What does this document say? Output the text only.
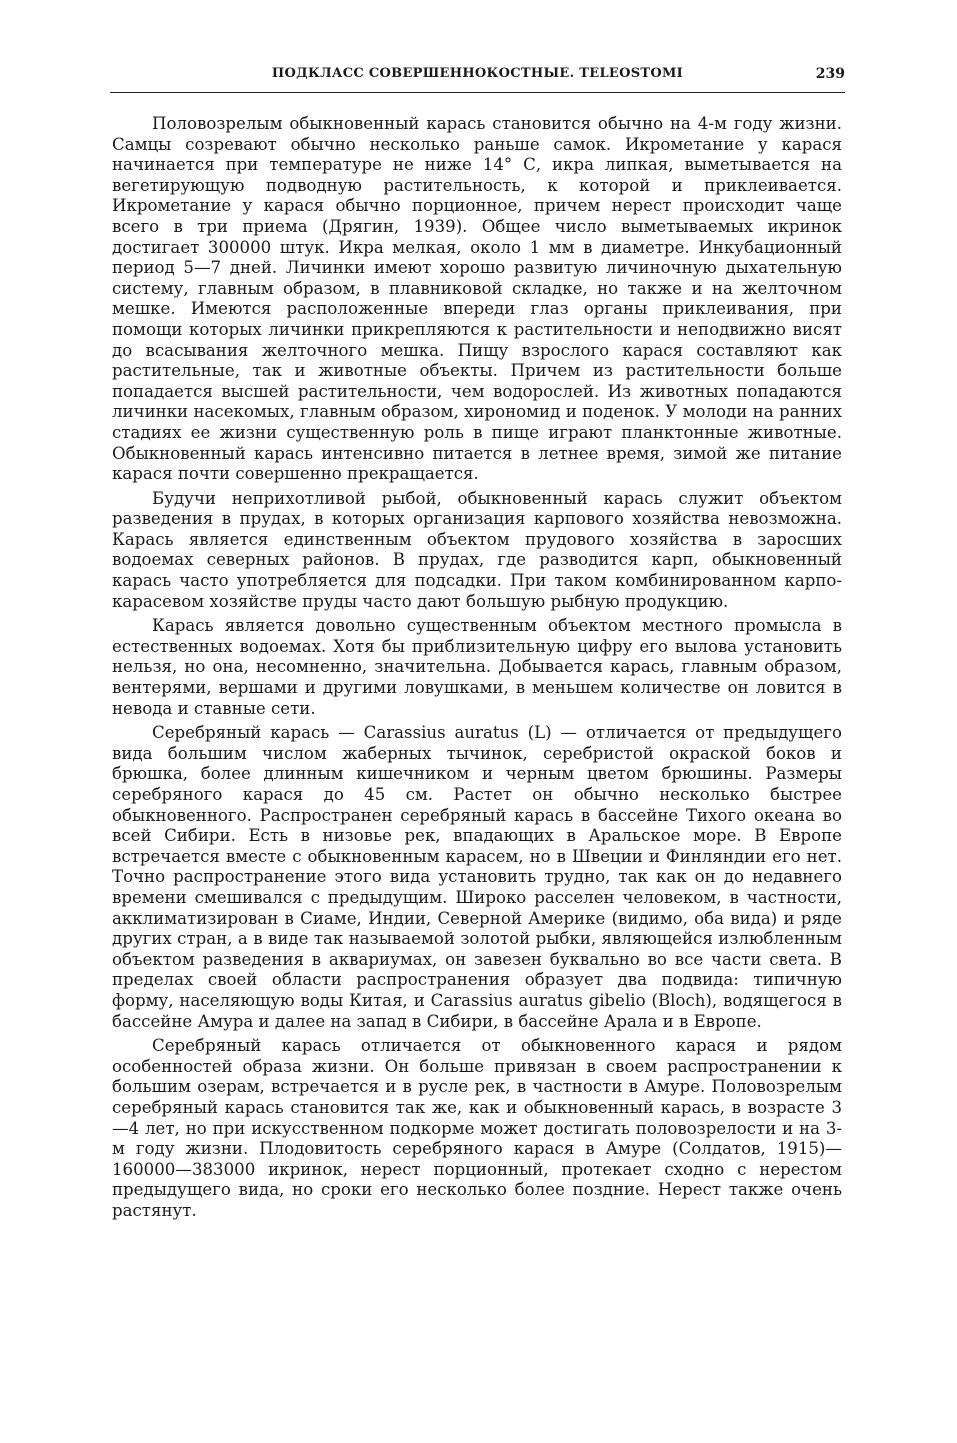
ПОДКЛАСС СОВЕРШЕННОКОСТНЫЕ. TELEOSTOMI	239

Половозрелым обыкновенный карась становится обычно на 4-м году жизни. Самцы созревают обычно несколько раньше самок. Икрометание у карася начинается при температуре не ниже 14° С, икра липкая, выметывается на вегетирующую подводную растительность, к которой и приклеивается. Икрометание у карася обычно порционное, причем нерест происходит чаще всего в три приема (Дрягин, 1939). Общее число выметываемых икринок достигает 300000 штук. Икра мелкая, около 1 мм в диаметре. Инкубационный период 5—7 дней. Личинки имеют хорошо развитую личиночную дыхательную систему, главным образом, в плавниковой складке, но также и на желточном мешке. Имеются расположенные впереди глаз органы приклеивания, при помощи которых личинки прикрепляются к растительности и неподвижно висят до всасывания желточного мешка. Пищу взрослого карася составляют как растительные, так и животные объекты. Причем из растительности больше попадается высшей растительности, чем водорослей. Из животных попадаются личинки насекомых, главным образом, хирономид и поденок. У молоди на ранних стадиях ее жизни существенную роль в пище играют планктонные животные. Обыкновенный карась интенсивно питается в летнее время, зимой же питание карася почти совершенно прекращается.

Будучи неприхотливой рыбой, обыкновенный карась служит объектом разведения в прудах, в которых организация карпового хозяйства невозможна. Карась является единственным объектом прудового хозяйства в заросших водоемах северных районов. В прудах, где разводится карп, обыкновенный карась часто употребляется для подсадки. При таком комбинированном карпо-карасевом хозяйстве пруды часто дают большую рыбную продукцию.

Карась является довольно существенным объектом местного промысла в естественных водоемах. Хотя бы приблизительную цифру его вылова установить нельзя, но она, несомненно, значительна. Добывается карась, главным образом, вентерями, вершами и другими ловушками, в меньшем количестве он ловится в невода и ставные сети.

Серебряный карась — Carassius auratus (L) — отличается от предыдущего вида большим числом жаберных тычинок, серебристой окраской боков и брюшка, более длинным кишечником и черным цветом брюшины. Размеры серебряного карася до 45 см. Растет он обычно несколько быстрее обыкновенного. Распространен серебряный карась в бассейне Тихого океана во всей Сибири. Есть в низовье рек, впадающих в Аральское море. В Европе встречается вместе с обыкновенным карасем, но в Швеции и Финляндии его нет. Точно распространение этого вида установить трудно, так как он до недавнего времени смешивался с предыдущим. Широко расселен человеком, в частности, акклиматизирован в Сиаме, Индии, Северной Америке (видимо, оба вида) и ряде других стран, а в виде так называемой золотой рыбки, являющейся излюбленным объектом разведения в аквариумах, он завезен буквально во все части света. В пределах своей области распространения образует два подвида: типичную форму, населяющую воды Китая, и Carassius auratus gibelio (Bloch), водящегося в бассейне Амура и далее на запад в Сибири, в бассейне Арала и в Европе.

Серебряный карась отличается от обыкновенного карася и рядом особенностей образа жизни. Он больше привязан в своем распространении к большим озерам, встречается и в русле рек, в частности в Амуре. Половозрелым серебряный карась становится так же, как и обыкновенный карась, в возрасте 3—4 лет, но при искусственном подкорме может достигать половозрелости и на 3-м году жизни. Плодовитость серебряного карася в Амуре (Солдатов, 1915)—160000—383000 икринок, нерест порционный, протекает сходно с нерестом предыдущего вида, но сроки его несколько более поздние. Нерест также очень растянут.
